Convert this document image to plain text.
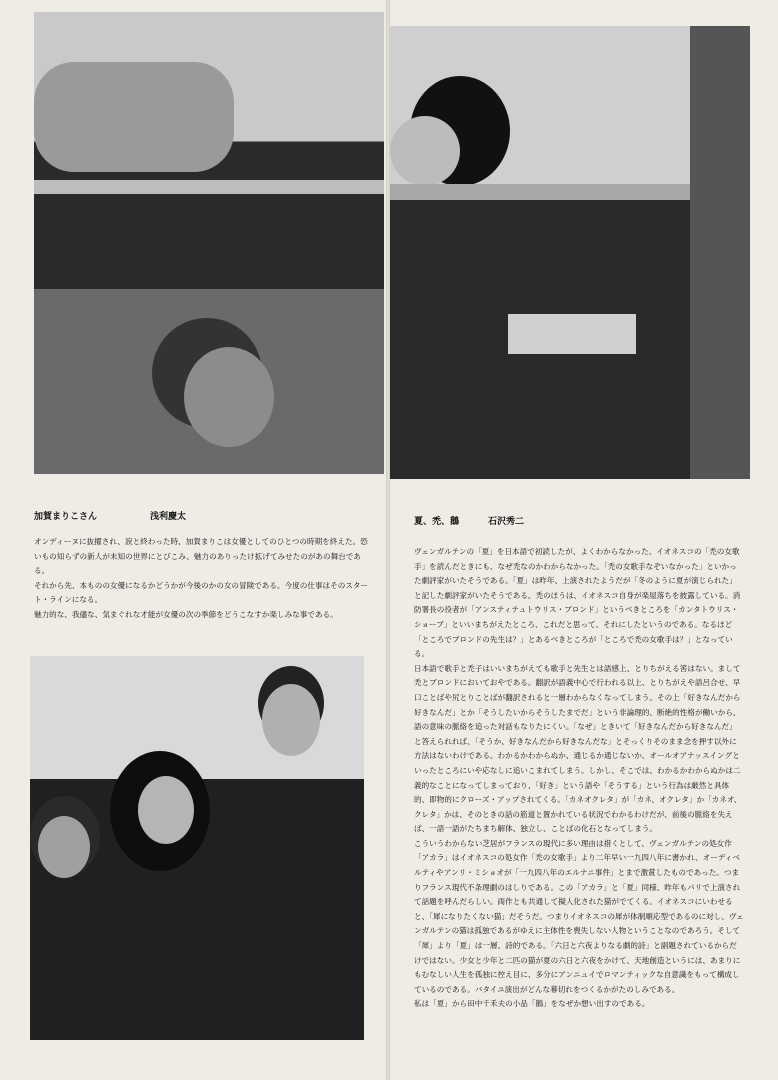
加賀まりこさん	浅利慶太

オンディーヌに抜擢され、涙と終わった時、加賀まりこは女優としてのひとつの時期を終えた。恐いもの知らずの新人が未知の世界にとびこみ、魅力のありったけ拡げてみせたのがあの舞台である。

それから先、本ものの女優になるかどうかが今後のかの女の冒険である。今度の仕事はそのスタート・ラインになる。

魅力的な、我儘な、気まぐれな才能が女優の次の季節をどうこなすか楽しみな事である。

夏、禿、鵝	石沢秀二

ヴェンガルテンの「夏」を日本語で初読したが、よくわからなかった。イオネスコの「禿の女歌手」を読んだときにも、なぜ禿なのかわからなかった。「禿の女歌手なぞいなかった」といかった劇評家がいたそうである。「夏」は昨年、上演されたようだが「冬のように夏が演じられた」と記した劇評家がいたそうである。禿のほうは、イオネスコ自身が楽屋落ちを披露している。消防署長の役者が「アンスティテュトウリス・ブロンド」というべきところを「カンタトウリス・ショーブ」といいまちがえたところ、これだと思って、それにしたというのである。なるほど「ところでブロンドの先生は？」とあるべきところが「ところで禿の女歌手は？」となっている。

日本語で歌手と禿子はいいまちがえても歌手と先生とは語感上、とりちがえる筈はない。まして禿とブロンドにおいておやである。翻訳が語義中心で行われる以上、とりちがえや語呂合せ、早口ことばや尻とりことばが翻訳されると一層わからなくなってしまう。その上「好きなんだから好きなんだ」とか「そうしたいからそうしたまでだ」という非論理的、断絶的性格が働いから、語の意味の脈絡を追った対話もなりたにくい。「なぜ」ときいて「好きなんだから好きなんだ」と答えられれば、「そうか、好きなんだから好きなんだな」とそっくりそのまま念を押す以外に方法はないわけである。わかるかわからぬか、通じるか通じないか、オールオアナッスイングといったところにいや応なしに追いこまれてしまう。しかし、そこでは、わかるかわからぬかは二義的なことになってしまっており、「好き」という語や「そうする」という行為は厳然と具体的、即物的にクローズ・アップされてくる。「カネオクレタ」が「カネ、オクレタ」か「カネオ、クレタ」かは、そのときの話の筋道と置かれている状況でわかるわけだが、前後の脈絡を失えば、一語一語がたちまち解体、独立し、ことばの化石となってしまう。

こういうわからない芝居がフランスの現代に多い理由は措くとして、ヴェンガルテンの処女作「アカラ」はイオネスコの処女作「禿の女歌手」より二年早い一九四八年に書かれ、オーディベルティやアンリ・ミショオが「一九四八年のエルナニ事件」とまで激賞したものであった。つまりフランス現代不条理劇のはしりである。この「アカラ」と「夏」同様、昨年もパリで上演されて話題を呼んだらしい。両作とも共通して擬人化された猫がでてくる。イオネスコにいわせると、「犀になりたくない猫」だそうだ。つまりイオネスコの犀が体制順応型であるのに対し、ヴェンガルテンの猫は孤独であるがゆえに主体性を喪失しない人物ということなのであろう。そして「犀」より「夏」は一層、詩的である。「六日と六夜よりなる劇的詩」と副題されているからだけではない。少女と少年と二匹の猫が夏の六日と六夜をかけて、天地創造というには、あまりにもむなしい人生を孤独に控え目に、多分にアンニュイでロマンティックな自意識をもって構成しているのである。バタイユ演出がどんな幕切れをつくるかがたのしみである。

私は「夏」から田中千禾夫の小品「鵝」をなぜか想い出すのである。
